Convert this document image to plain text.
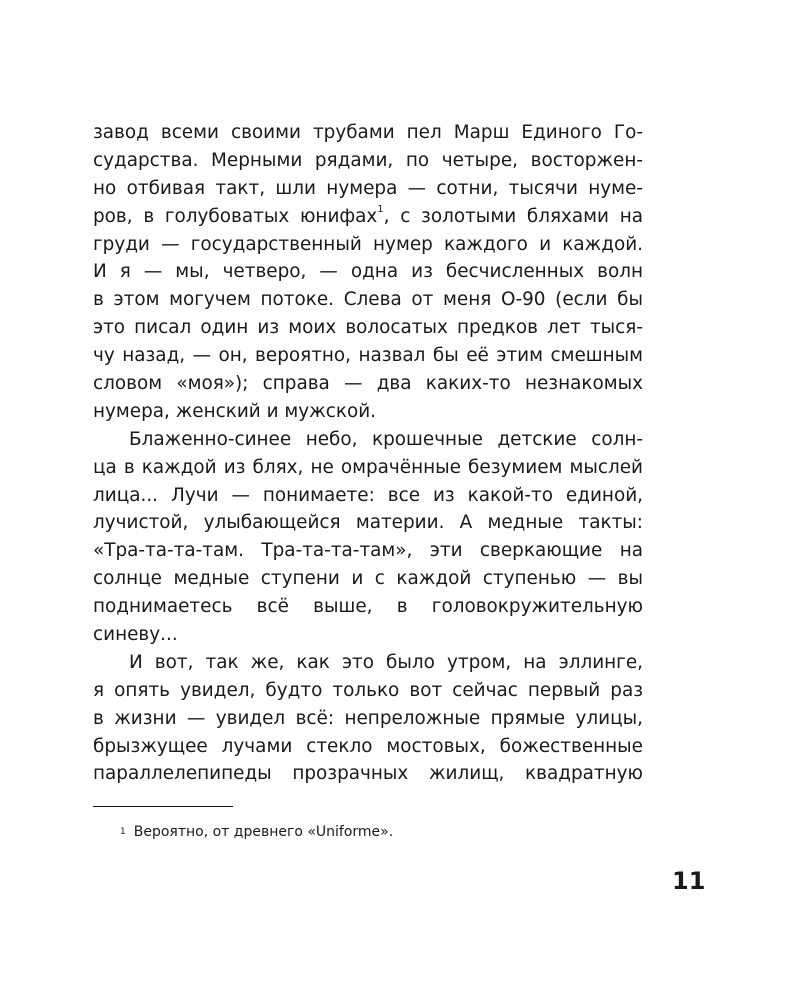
завод всеми своими трубами пел Марш Единого Го-
сударства. Мерными рядами, по четыре, восторжен-
но отбивая такт, шли нумера — сотни, тысячи нуме-
ров, в голубоватых юнифах$^1$, с золотыми бляхами на
груди — государственный нумер каждого и каждой.
И я — мы, четверо, — одна из бесчисленных волн
в этом могучем потоке. Слева от меня О-90 (если бы
это писал один из моих волосатых предков лет тыся-
чу назад, — он, вероятно, назвал бы её этим смешным
словом «моя»); справа — два каких-то незнакомых
нумера, женский и мужской.
Блаженно-синее небо, крошечные детские солн-
ца в каждой из блях, не омрачённые безумием мыслей
лица... Лучи — понимаете: все из какой-то единой,
лучистой, улыбающейся материи. А медные такты:
«Тра-та-та-там. Тра-та-та-там», эти сверкающие на
солнце медные ступени и с каждой ступенью — вы
поднимаетесь всё выше, в головокружительную
синеву...
И вот, так же, как это было утром, на эллинге,
я опять увидел, будто только вот сейчас первый раз
в жизни — увидел всё: непреложные прямые улицы,
брызжущее лучами стекло мостовых, божественные
параллелепипеды прозрачных жилищ, квадратную
$^1$ Вероятно, от древнего «Uniforme».
11
